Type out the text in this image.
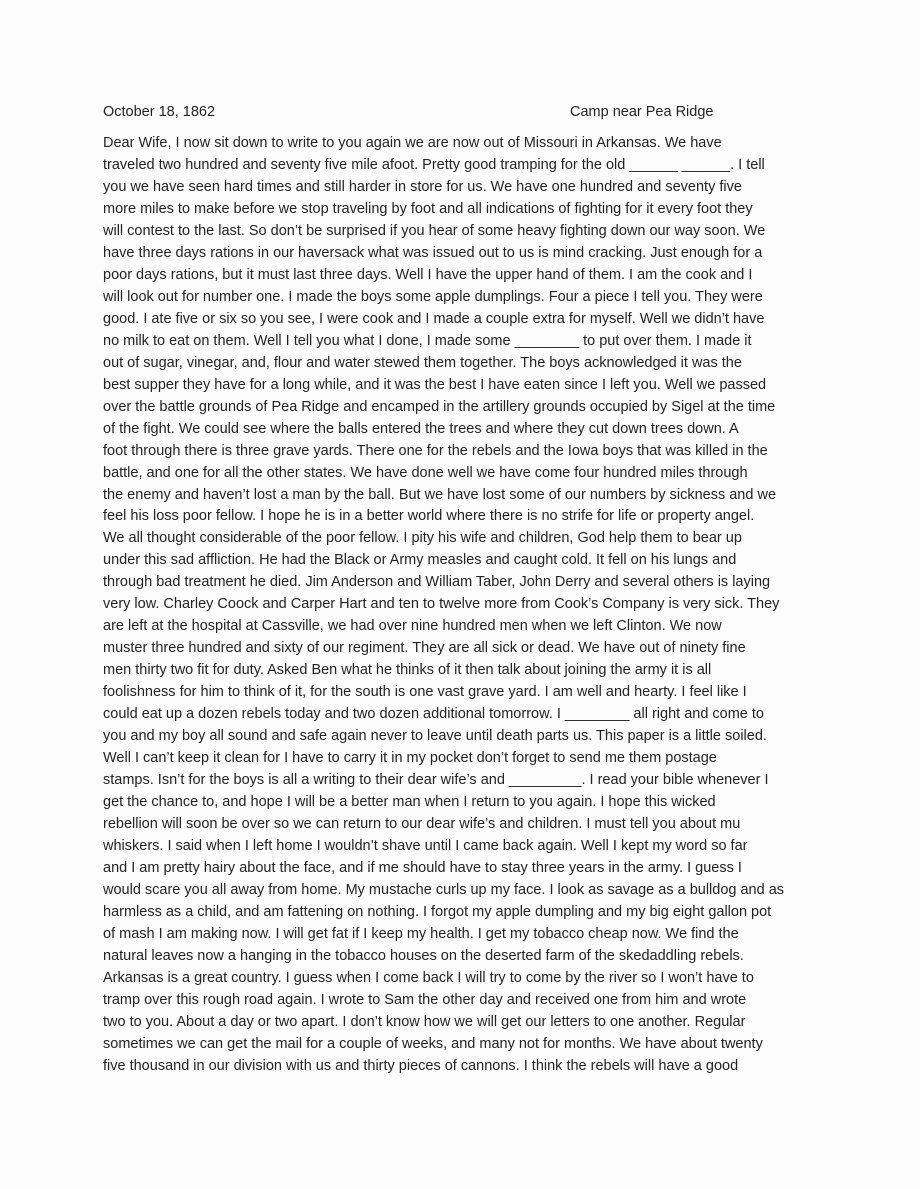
October 18, 1862	Camp near Pea Ridge
Dear Wife, I now sit down to write to you again we are now out of Missouri in Arkansas. We have
traveled two hundred and seventy five mile afoot. Pretty good tramping for the old ______ ______. I tell
you we have seen hard times and still harder in store for us. We have one hundred and seventy five
more miles to make before we stop traveling by foot and all indications of fighting for it every foot they
will contest to the last. So don’t be surprised if you hear of some heavy fighting down our way soon. We
have three days rations in our haversack what was issued out to us is mind cracking. Just enough for a
poor days rations, but it must last three days. Well I have the upper hand of them. I am the cook and I
will look out for number one. I made the boys some apple dumplings. Four a piece I tell you. They were
good. I ate five or six so you see, I were cook and I made a couple extra for myself. Well we didn’t have
no milk to eat on them. Well I tell you what I done, I made some ________ to put over them. I made it
out of sugar, vinegar, and, flour and water stewed them together. The boys acknowledged it was the
best supper they have for a long while, and it was the best I have eaten since I left you. Well we passed
over the battle grounds of Pea Ridge and encamped in the artillery grounds occupied by Sigel at the time
of the fight. We could see where the balls entered the trees and where they cut down trees down. A
foot through there is three grave yards. There one for the rebels and the Iowa boys that was killed in the
battle, and one for all the other states. We have done well we have come four hundred miles through
the enemy and haven’t lost a man by the ball. But we have lost some of our numbers by sickness and we
feel his loss poor fellow. I hope he is in a better world where there is no strife for life or property angel.
We all thought considerable of the poor fellow. I pity his wife and children, God help them to bear up
under this sad affliction. He had the Black or Army measles and caught cold. It fell on his lungs and
through bad treatment he died. Jim Anderson and William Taber, John Derry and several others is laying
very low. Charley Coock and Carper Hart and ten to twelve more from Cook’s Company is very sick. They
are left at the hospital at Cassville, we had over nine hundred men when we left Clinton. We now
muster three hundred and sixty of our regiment. They are all sick or dead. We have out of ninety fine
men thirty two fit for duty. Asked Ben what he thinks of it then talk about joining the army it is all
foolishness for him to think of it, for the south is one vast grave yard. I am well and hearty. I feel like I
could eat up a dozen rebels today and two dozen additional tomorrow. I ________ all right and come to
you and my boy all sound and safe again never to leave until death parts us. This paper is a little soiled.
Well I can’t keep it clean for I have to carry it in my pocket don’t forget to send me them postage
stamps. Isn’t for the boys is all a writing to their dear wife’s and _________. I read your bible whenever I
get the chance to, and hope I will be a better man when I return to you again. I hope this wicked
rebellion will soon be over so we can return to our dear wife’s and children. I must tell you about mu
whiskers. I said when I left home I wouldn’t shave until I came back again. Well I kept my word so far
and I am pretty hairy about the face, and if me should have to stay three years in the army. I guess I
would scare you all away from home. My mustache curls up my face. I look as savage as a bulldog and as
harmless as a child, and am fattening on nothing. I forgot my apple dumpling and my big eight gallon pot
of mash I am making now. I will get fat if I keep my health. I get my tobacco cheap now. We find the
natural leaves now a hanging in the tobacco houses on the deserted farm of the skedaddling rebels.
Arkansas is a great country. I guess when I come back I will try to come by the river so I won’t have to
tramp over this rough road again. I wrote to Sam the other day and received one from him and wrote
two to you. About a day or two apart. I don’t know how we will get our letters to one another. Regular
sometimes we can get the mail for a couple of weeks, and many not for months. We have about twenty
five thousand in our division with us and thirty pieces of cannons. I think the rebels will have a good
